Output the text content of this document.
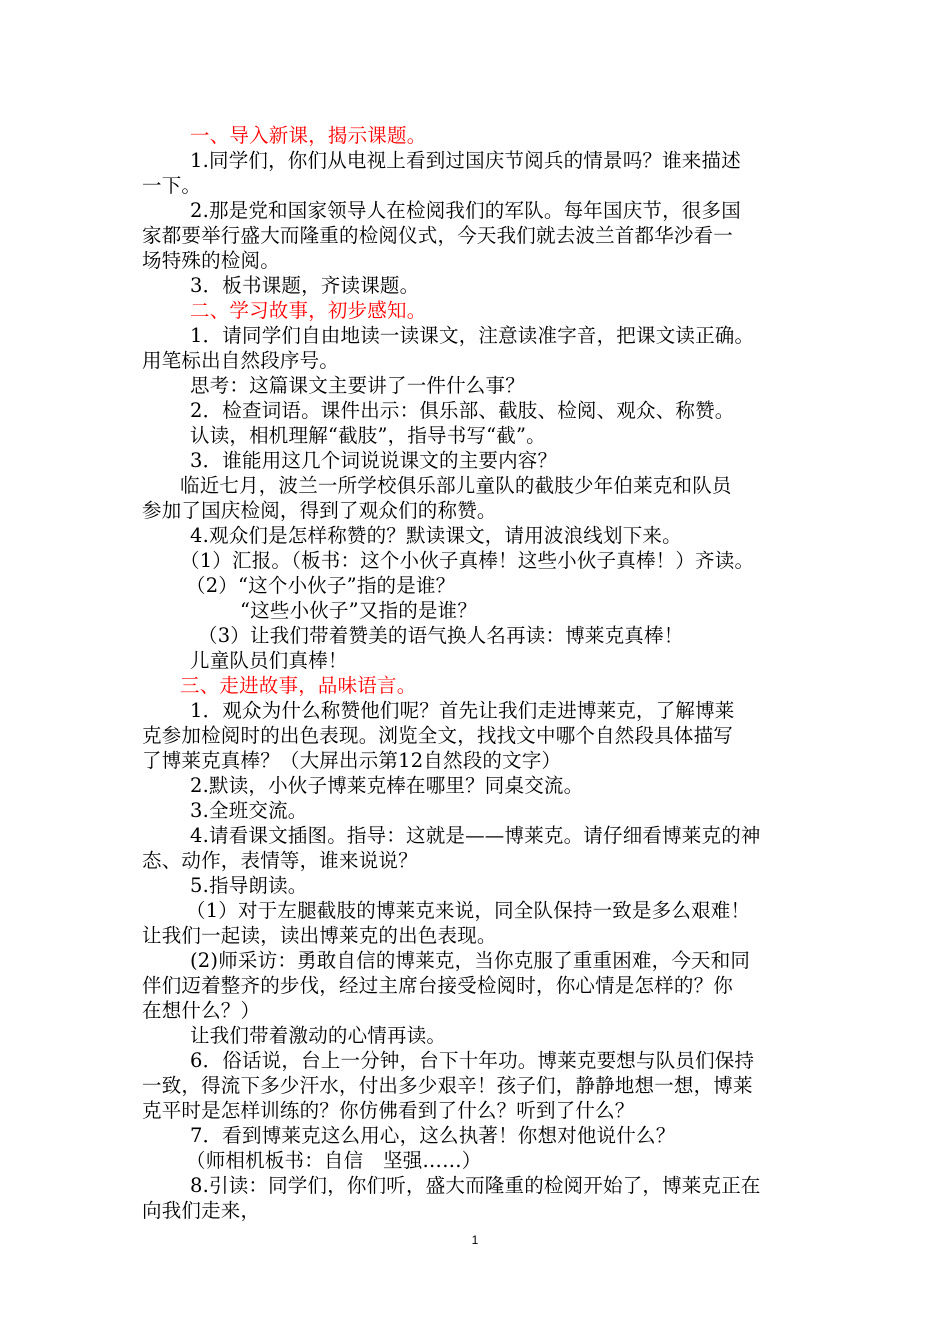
一、导入新课，揭示课题。
1.同学们，你们从电视上看到过国庆节阅兵的情景吗？谁来描述
一下。
2.那是党和国家领导人在检阅我们的军队。每年国庆节，很多国
家都要举行盛大而隆重的检阅仪式，今天我们就去波兰首都华沙看一
场特殊的检阅。
3．板书课题，齐读课题。
二、学习故事，初步感知。
1．请同学们自由地读一读课文，注意读准字音，把课文读正确。
用笔标出自然段序号。
思考：这篇课文主要讲了一件什么事？
2．检查词语。课件出示：俱乐部、截肢、检阅、观众、称赞。
认读，相机理解“截肢”，指导书写“截”。
3．谁能用这几个词说说课文的主要内容？
临近七月，波兰一所学校俱乐部儿童队的截肢少年伯莱克和队员
参加了国庆检阅，得到了观众们的称赞。
4.观众们是怎样称赞的？默读课文，请用波浪线划下来。
（1）汇报。（板书：这个小伙子真棒！这些小伙子真棒！）齐读。
（2）“这个小伙子”指的是谁？
“这些小伙子”又指的是谁？
（3）让我们带着赞美的语气换人名再读：博莱克真棒！
儿童队员们真棒！
三、走进故事，品味语言。
1．观众为什么称赞他们呢？首先让我们走进博莱克，了解博莱
克参加检阅时的出色表现。浏览全文，找找文中哪个自然段具体描写
了博莱克真棒？（大屏出示第12自然段的文字）
2.默读，小伙子博莱克棒在哪里？同桌交流。
3.全班交流。
4.请看课文插图。指导：这就是——博莱克。请仔细看博莱克的神
态、动作，表情等，谁来说说？
5.指导朗读。
（1）对于左腿截肢的博莱克来说，同全队保持一致是多么艰难！
让我们一起读，读出博莱克的出色表现。
(2)师采访：勇敢自信的博莱克，当你克服了重重困难，今天和同
伴们迈着整齐的步伐，经过主席台接受检阅时，你心情是怎样的？你
在想什么？）
让我们带着激动的心情再读。
6．俗话说，台上一分钟，台下十年功。博莱克要想与队员们保持
一致，得流下多少汗水，付出多少艰辛！孩子们，静静地想一想，博莱
克平时是怎样训练的？你仿佛看到了什么？听到了什么？
7．看到博莱克这么用心，这么执著！你想对他说什么？
（师相机板书：自信　坚强……）
8.引读：同学们，你们听，盛大而隆重的检阅开始了，博莱克正在
向我们走来，
1
